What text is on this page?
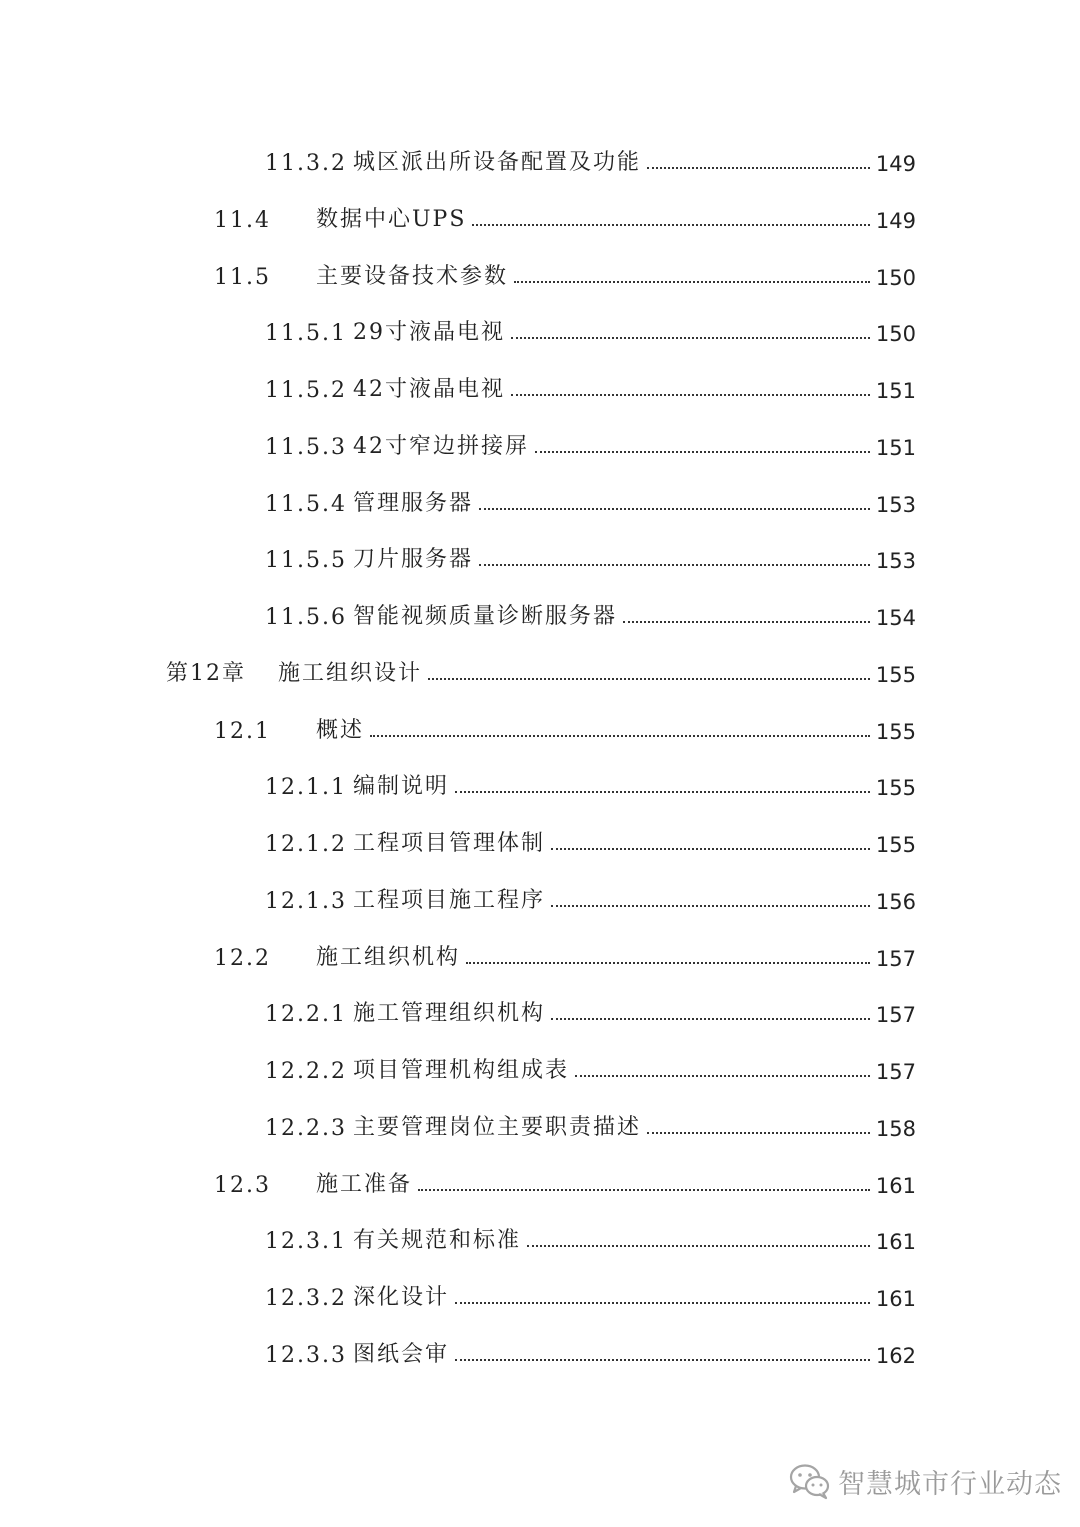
11.3.2 城区派出所设备配置及功能	149
11.4	数据中心UPS	149
11.5	主要设备技术参数	150
11.5.1 29寸液晶电视	150
11.5.2 42寸液晶电视	151
11.5.3 42寸窄边拼接屏	151
11.5.4 管理服务器	153
11.5.5 刀片服务器	153
11.5.6 智能视频质量诊断服务器	154
第12章	施工组织设计	155
12.1	概述	155
12.1.1 编制说明	155
12.1.2 工程项目管理体制	155
12.1.3 工程项目施工程序	156
12.2	施工组织机构	157
12.2.1 施工管理组织机构	157
12.2.2 项目管理机构组成表	157
12.2.3 主要管理岗位主要职责描述	158
12.3	施工准备	161
12.3.1 有关规范和标准	161
12.3.2 深化设计	161
12.3.3 图纸会审	162
智慧城市行业动态
